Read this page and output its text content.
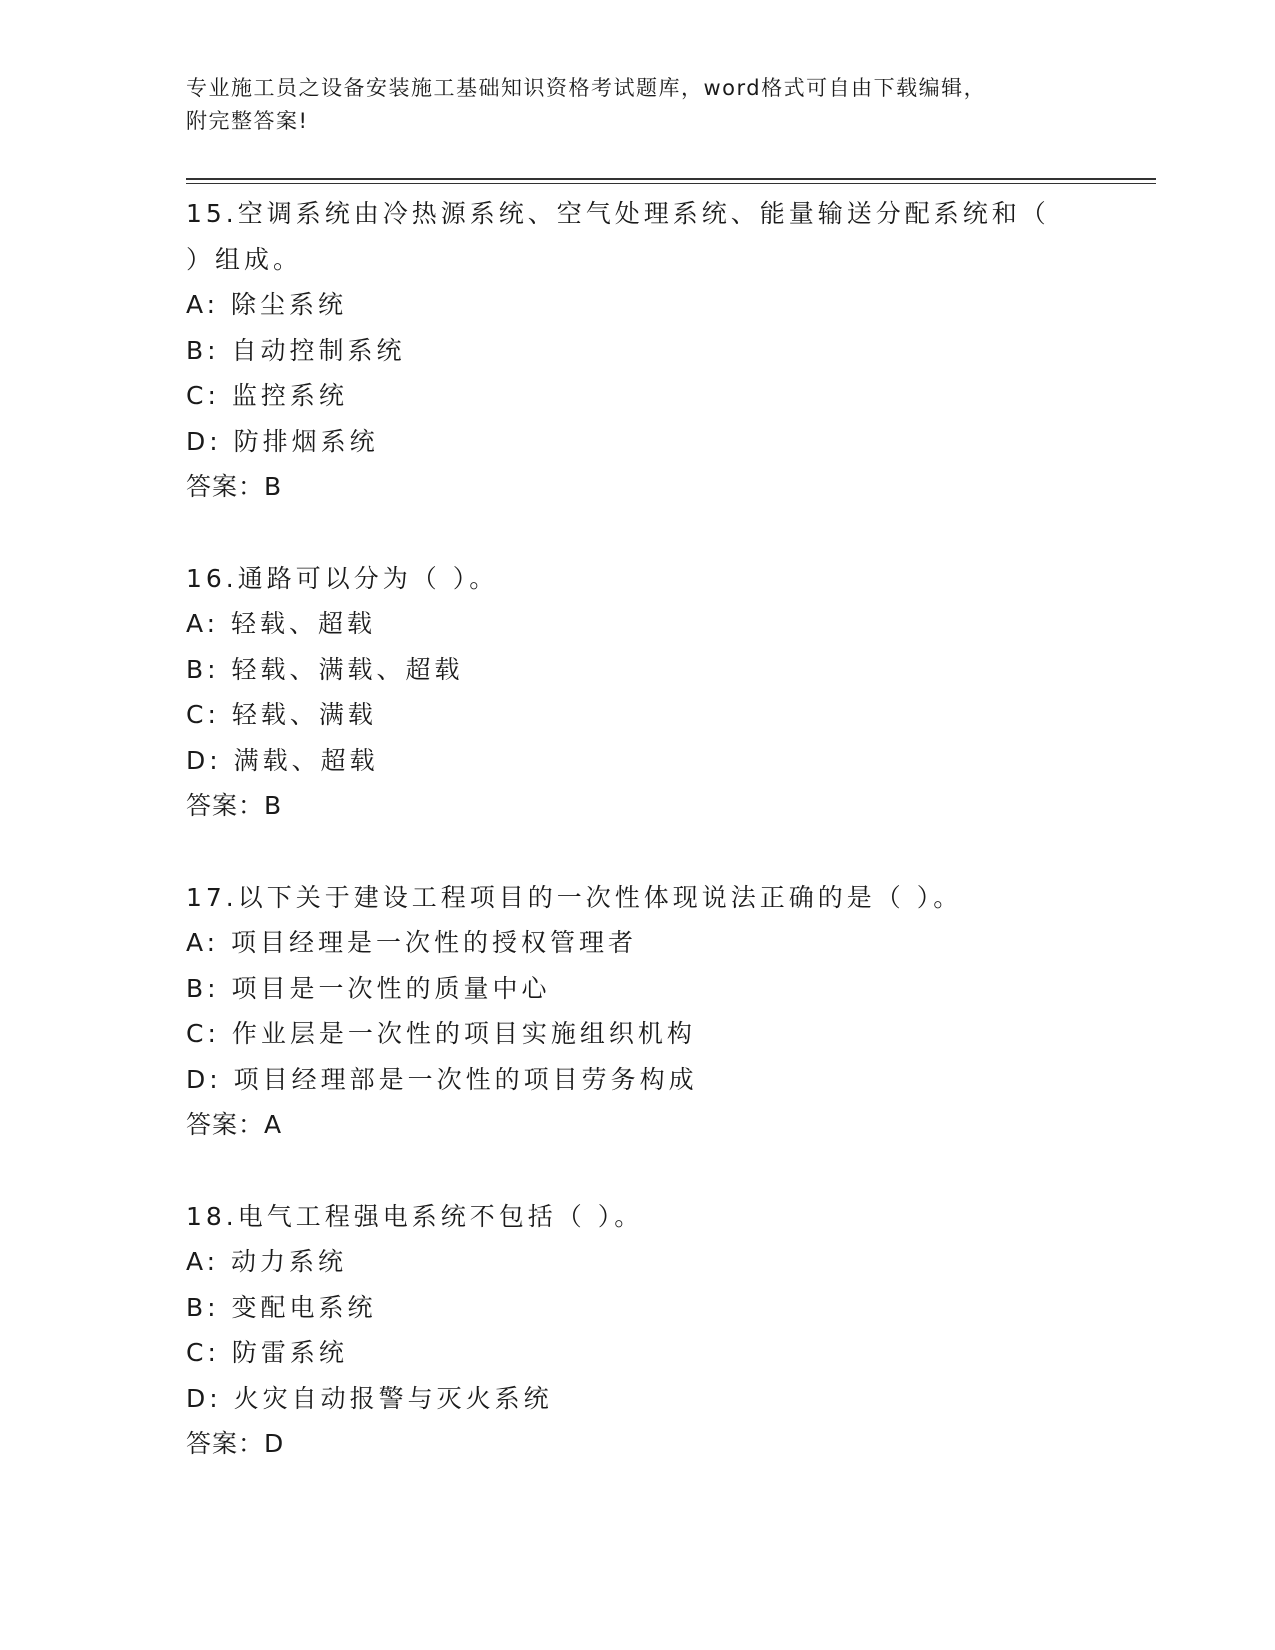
专业施工员之设备安装施工基础知识资格考试题库，word格式可自由下载编辑，
附完整答案!
15.空调系统由冷热源系统、空气处理系统、能量输送分配系统和（
）组成。
A: 除尘系统
B: 自动控制系统
C: 监控系统
D: 防排烟系统
答案：B
16.通路可以分为（ ）。
A: 轻载、超载
B: 轻载、满载、超载
C: 轻载、满载
D: 满载、超载
答案：B
17.以下关于建设工程项目的一次性体现说法正确的是（ ）。
A: 项目经理是一次性的授权管理者
B: 项目是一次性的质量中心
C: 作业层是一次性的项目实施组织机构
D: 项目经理部是一次性的项目劳务构成
答案：A
18.电气工程强电系统不包括（ ）。
A: 动力系统
B: 变配电系统
C: 防雷系统
D: 火灾自动报警与灭火系统
答案：D
